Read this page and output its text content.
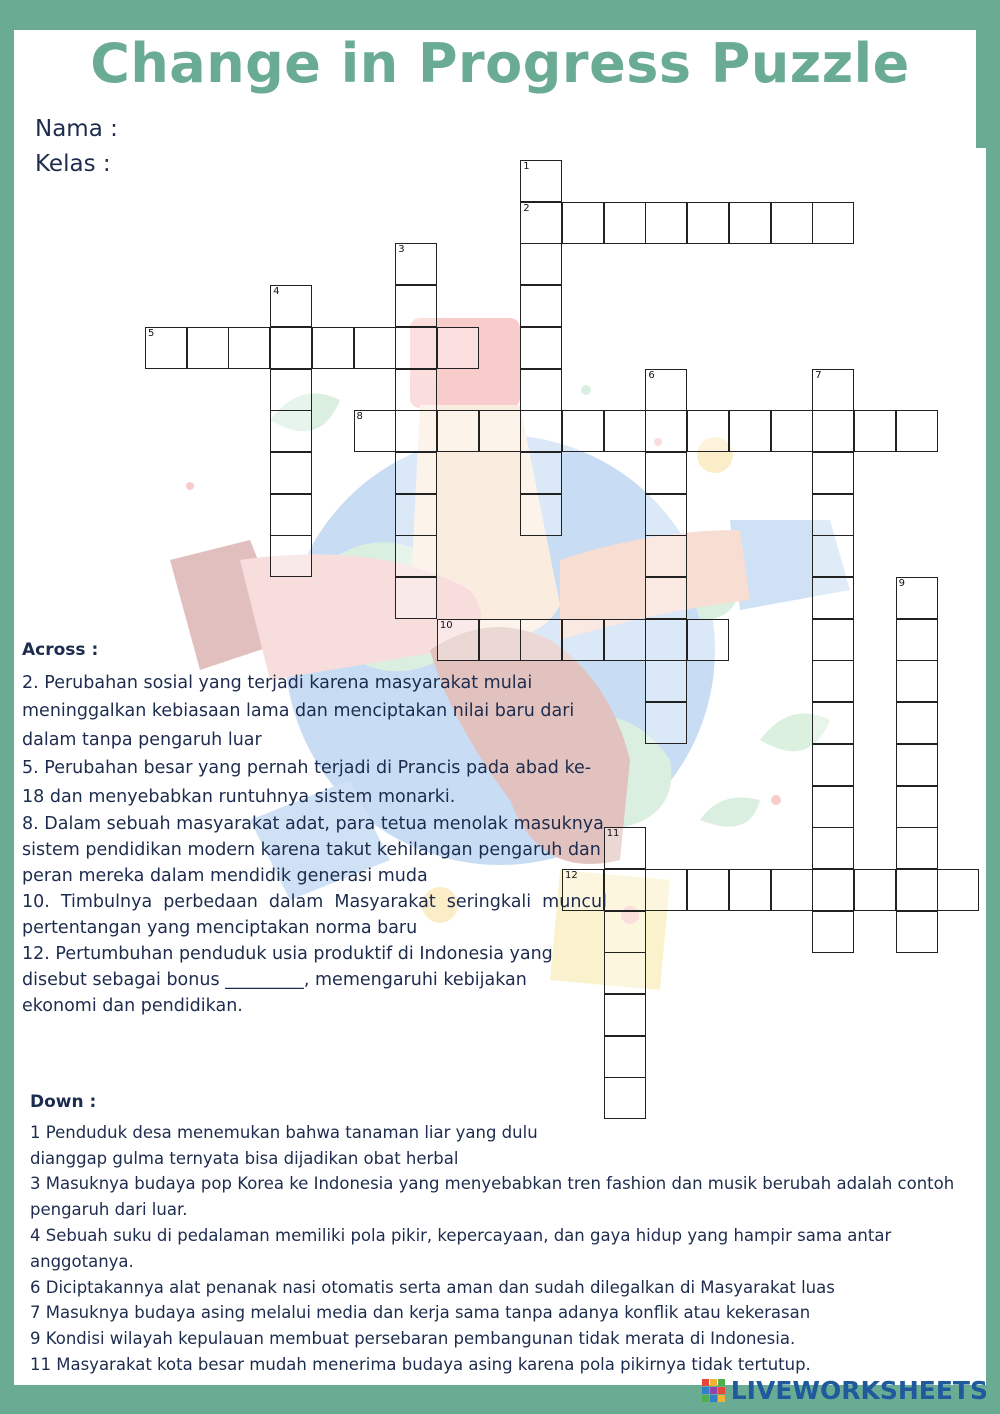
Change in Progress Puzzle
Nama :
Kelas :	1
2
3
4
5
6	7
8
9
10
11
12
Across :

2. Perubahan sosial yang terjadi karena masyarakat mulai meninggalkan kebiasaan lama dan menciptakan nilai baru dari dalam tanpa pengaruh luar

5. Perubahan besar yang pernah terjadi di Prancis pada abad ke-18 dan menyebabkan runtuhnya sistem monarki.

8. Dalam sebuah masyarakat adat, para tetua menolak masuknya sistem pendidikan modern karena takut kehilangan pengaruh dan peran mereka dalam mendidik generasi muda

10. Timbulnya perbedaan dalam Masyarakat seringkali muncul pertentangan yang menciptakan norma baru

12. Pertumbuhan penduduk usia produktif di Indonesia yang disebut sebagai bonus _________, memengaruhi kebijakan ekonomi dan pendidikan.

Down :

1 Penduduk desa menemukan bahwa tanaman liar yang dulu dianggap gulma ternyata bisa dijadikan obat herbal

3 Masuknya budaya pop Korea ke Indonesia yang menyebabkan tren fashion dan musik berubah adalah contoh pengaruh dari luar.

4 Sebuah suku di pedalaman memiliki pola pikir, kepercayaan, dan gaya hidup yang hampir sama antar anggotanya.

6 Diciptakannya alat penanak nasi otomatis serta aman dan sudah dilegalkan di Masyarakat luas

7 Masuknya budaya asing melalui media dan kerja sama tanpa adanya konflik atau kekerasan

9 Kondisi wilayah kepulauan membuat persebaran pembangunan tidak merata di Indonesia.

11 Masyarakat kota besar mudah menerima budaya asing karena pola pikirnya tidak tertutup.

LIVEWORKSHEETS
